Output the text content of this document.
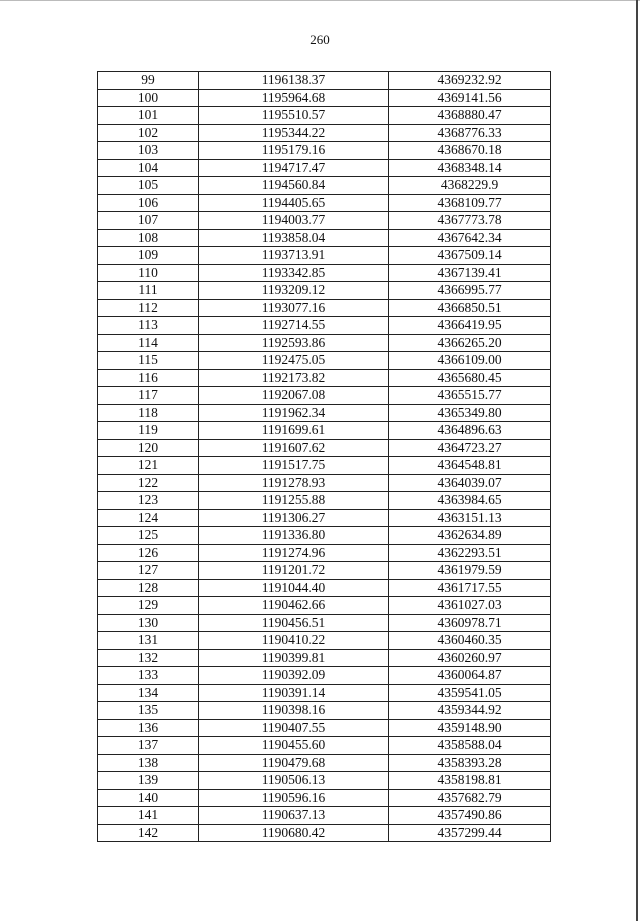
260
99	1196138.37	4369232.92
100	1195964.68	4369141.56
101	1195510.57	4368880.47
102	1195344.22	4368776.33
103	1195179.16	4368670.18
104	1194717.47	4368348.14
105	1194560.84	4368229.9
106	1194405.65	4368109.77
107	1194003.77	4367773.78
108	1193858.04	4367642.34
109	1193713.91	4367509.14
110	1193342.85	4367139.41
111	1193209.12	4366995.77
112	1193077.16	4366850.51
113	1192714.55	4366419.95
114	1192593.86	4366265.20
115	1192475.05	4366109.00
116	1192173.82	4365680.45
117	1192067.08	4365515.77
118	1191962.34	4365349.80
119	1191699.61	4364896.63
120	1191607.62	4364723.27
121	1191517.75	4364548.81
122	1191278.93	4364039.07
123	1191255.88	4363984.65
124	1191306.27	4363151.13
125	1191336.80	4362634.89
126	1191274.96	4362293.51
127	1191201.72	4361979.59
128	1191044.40	4361717.55
129	1190462.66	4361027.03
130	1190456.51	4360978.71
131	1190410.22	4360460.35
132	1190399.81	4360260.97
133	1190392.09	4360064.87
134	1190391.14	4359541.05
135	1190398.16	4359344.92
136	1190407.55	4359148.90
137	1190455.60	4358588.04
138	1190479.68	4358393.28
139	1190506.13	4358198.81
140	1190596.16	4357682.79
141	1190637.13	4357490.86
142	1190680.42	4357299.44
